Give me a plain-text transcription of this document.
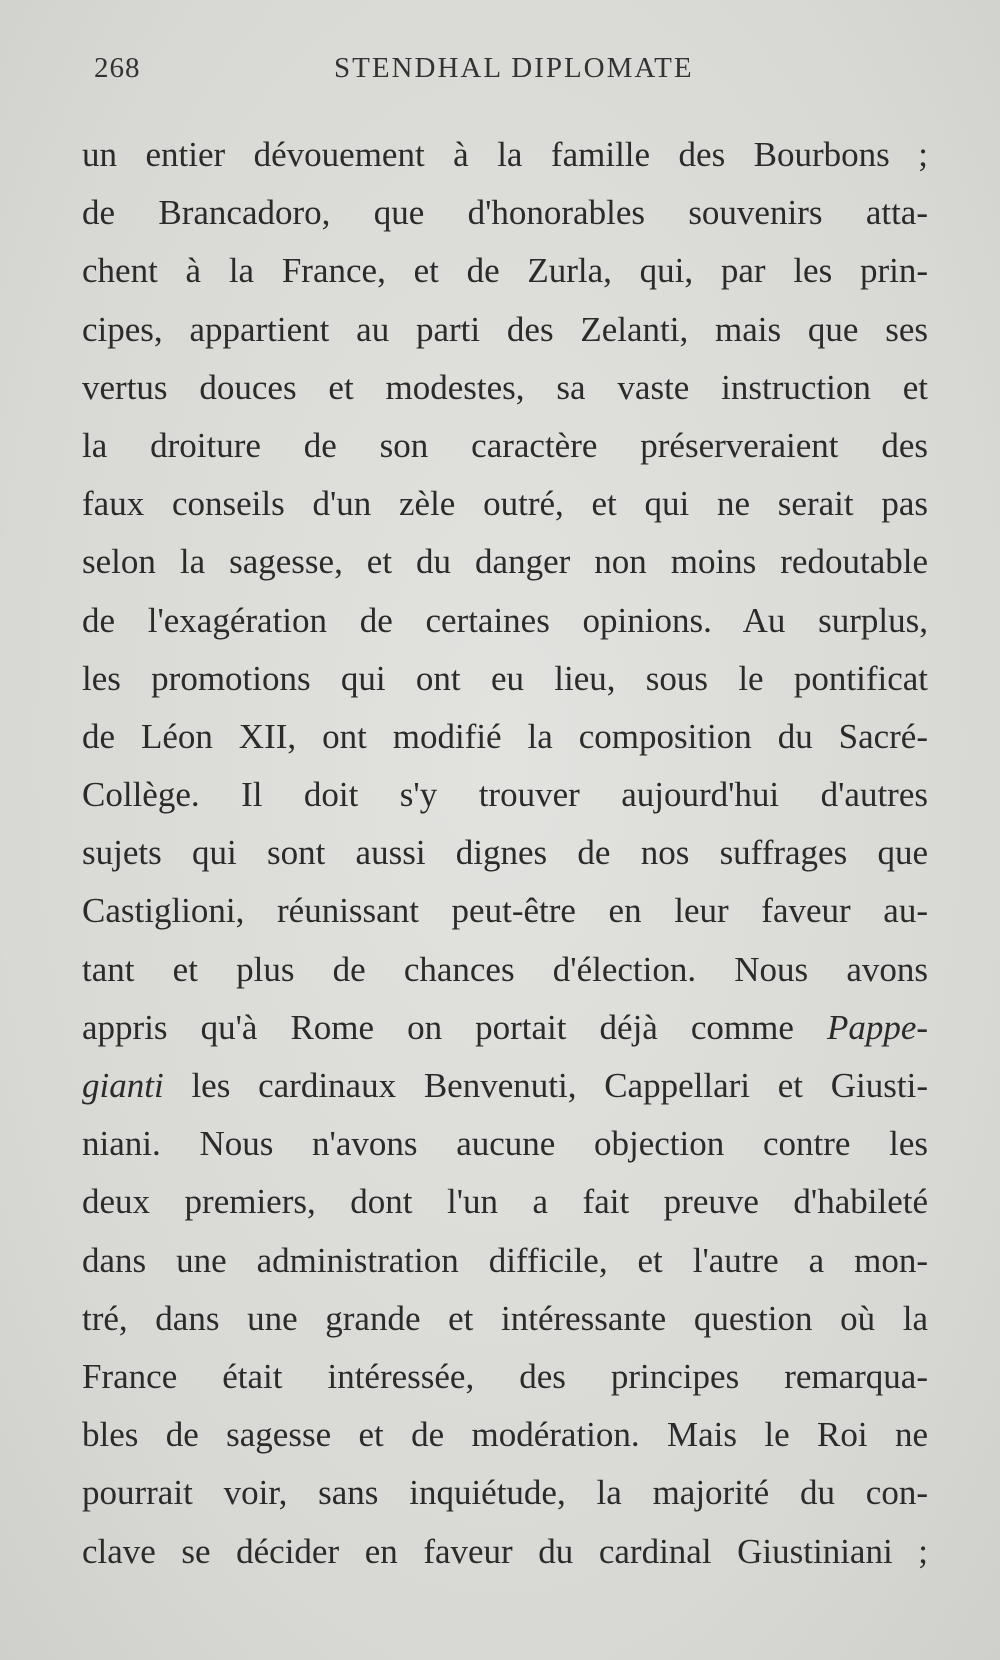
268	STENDHAL DIPLOMATE
un entier dévouement à la famille des Bourbons ;
de Brancadoro, que d'honorables souvenirs atta-
chent à la France, et de Zurla, qui, par les prin-
cipes, appartient au parti des Zelanti, mais que ses
vertus douces et modestes, sa vaste instruction et
la droiture de son caractère préserveraient des
faux conseils d'un zèle outré, et qui ne serait pas
selon la sagesse, et du danger non moins redoutable
de l'exagération de certaines opinions. Au surplus,
les promotions qui ont eu lieu, sous le pontificat
de Léon XII, ont modifié la composition du Sacré-
Collège. Il doit s'y trouver aujourd'hui d'autres
sujets qui sont aussi dignes de nos suffrages que
Castiglioni, réunissant peut-être en leur faveur au-
tant et plus de chances d'élection. Nous avons
appris qu'à Rome on portait déjà comme Pappe-
gianti les cardinaux Benvenuti, Cappellari et Giusti-
niani. Nous n'avons aucune objection contre les
deux premiers, dont l'un a fait preuve d'habileté
dans une administration difficile, et l'autre a mon-
tré, dans une grande et intéressante question où la
France était intéressée, des principes remarqua-
bles de sagesse et de modération. Mais le Roi ne
pourrait voir, sans inquiétude, la majorité du con-
clave se décider en faveur du cardinal Giustiniani ;
